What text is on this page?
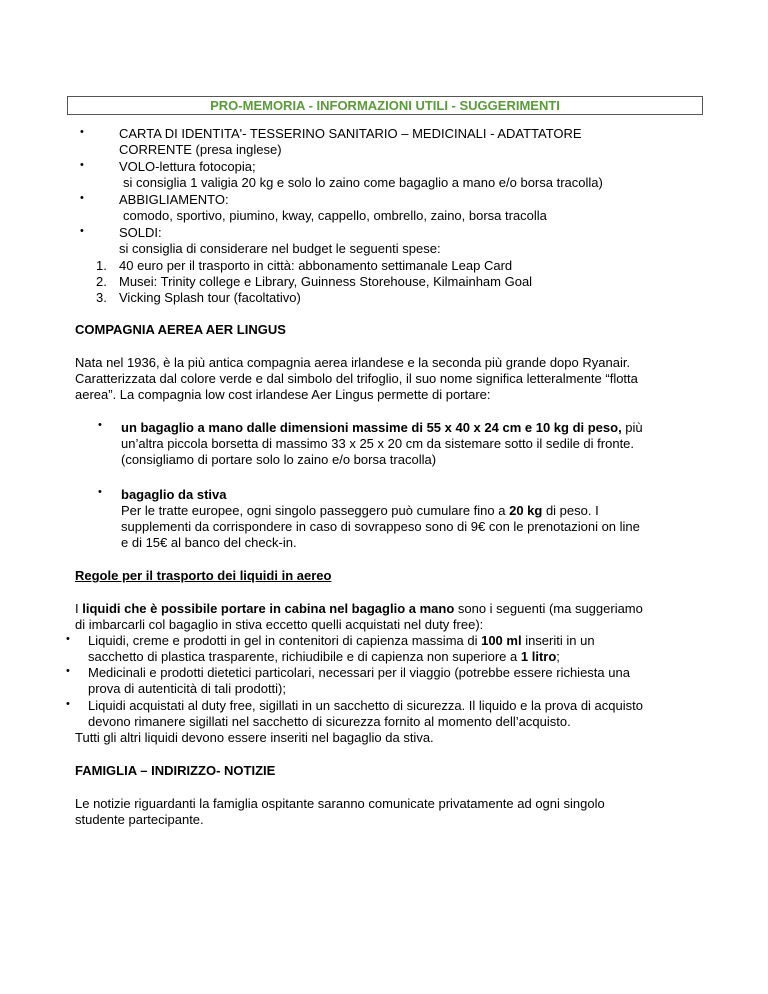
PRO-MEMORIA - INFORMAZIONI UTILI - SUGGERIMENTI
•	CARTA DI IDENTITA'- TESSERINO SANITARIO – MEDICINALI - ADATTATORE
CORRENTE (presa inglese)
•	VOLO-lettura fotocopia;
si consiglia 1 valigia 20 kg e solo lo zaino come bagaglio a mano e/o borsa tracolla)
•	ABBIGLIAMENTO:
comodo, sportivo, piumino, kway, cappello, ombrello, zaino, borsa tracolla
•	SOLDI:
si consiglia di considerare nel budget le seguenti spese:
1. 40 euro per il trasporto in città: abbonamento settimanale Leap Card
2. Musei: Trinity college e Library, Guinness Storehouse, Kilmainham Goal
3. Vicking Splash tour (facoltativo)
COMPAGNIA AEREA AER LINGUS
Nata nel 1936, è la più antica compagnia aerea irlandese e la seconda più grande dopo Ryanair.
Caratterizzata dal colore verde e dal simbolo del trifoglio, il suo nome significa letteralmente “flotta
aerea”. La compagnia low cost irlandese Aer Lingus permette di portare:
• un bagaglio a mano dalle dimensioni massime di 55 x 40 x 24 cm e 10 kg di peso, più
un’altra piccola borsetta di massimo 33 x 25 x 20 cm da sistemare sotto il sedile di fronte.
(consigliamo di portare solo lo zaino e/o borsa tracolla)
• bagaglio da stiva
Per le tratte europee, ogni singolo passeggero può cumulare fino a 20 kg di peso. I
supplementi da corrispondere in caso di sovrappeso sono di 9€ con le prenotazioni on line
e di 15€ al banco del check-in.
Regole per il trasporto dei liquidi in aereo
I liquidi che è possibile portare in cabina nel bagaglio a mano sono i seguenti (ma suggeriamo
di imbarcarli col bagaglio in stiva eccetto quelli acquistati nel duty free):
• Liquidi, creme e prodotti in gel in contenitori di capienza massima di 100 ml inseriti in un
sacchetto di plastica trasparente, richiudibile e di capienza non superiore a 1 litro;
• Medicinali e prodotti dietetici particolari, necessari per il viaggio (potrebbe essere richiesta una
prova di autenticità di tali prodotti);
• Liquidi acquistati al duty free, sigillati in un sacchetto di sicurezza. Il liquido e la prova di acquisto
devono rimanere sigillati nel sacchetto di sicurezza fornito al momento dell’acquisto.
Tutti gli altri liquidi devono essere inseriti nel bagaglio da stiva.
FAMIGLIA – INDIRIZZO- NOTIZIE
Le notizie riguardanti la famiglia ospitante saranno comunicate privatamente ad ogni singolo
studente partecipante.
